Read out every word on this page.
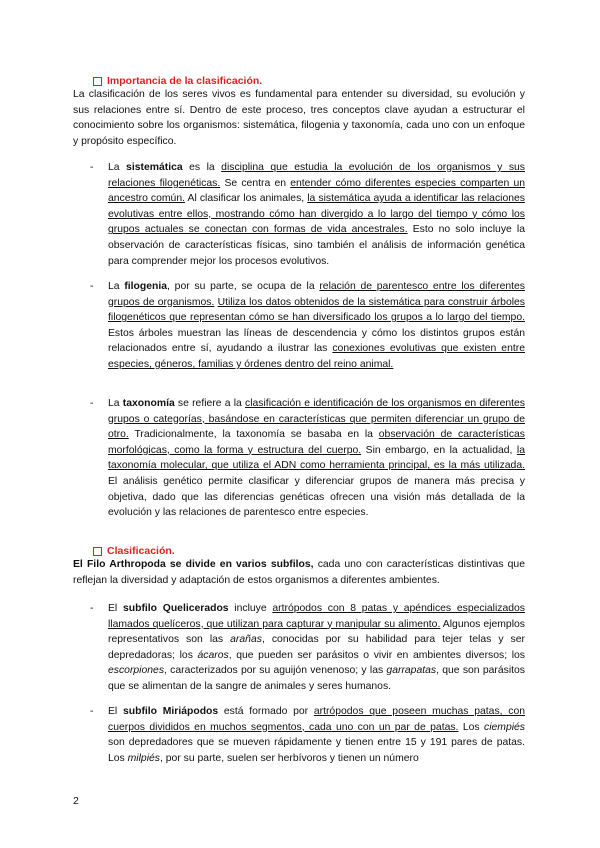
Importancia de la clasificación.
La clasificación de los seres vivos es fundamental para entender su diversidad, su evolución y sus relaciones entre sí. Dentro de este proceso, tres conceptos clave ayudan a estructurar el conocimiento sobre los organismos: sistemática, filogenia y taxonomía, cada uno con un enfoque y propósito específico.
- La sistemática es la disciplina que estudia la evolución de los organismos y sus relaciones filogenéticas. Se centra en entender cómo diferentes especies comparten un ancestro común. Al clasificar los animales, la sistemática ayuda a identificar las relaciones evolutivas entre ellos, mostrando cómo han divergido a lo largo del tiempo y cómo los grupos actuales se conectan con formas de vida ancestrales. Esto no solo incluye la observación de características físicas, sino también el análisis de información genética para comprender mejor los procesos evolutivos.
- La filogenia, por su parte, se ocupa de la relación de parentesco entre los diferentes grupos de organismos. Utiliza los datos obtenidos de la sistemática para construir árboles filogenéticos que representan cómo se han diversificado los grupos a lo largo del tiempo. Estos árboles muestran las líneas de descendencia y cómo los distintos grupos están relacionados entre sí, ayudando a ilustrar las conexiones evolutivas que existen entre especies, géneros, familias y órdenes dentro del reino animal.
- La taxonomía se refiere a la clasificación e identificación de los organismos en diferentes grupos o categorías, basándose en características que permiten diferenciar un grupo de otro. Tradicionalmente, la taxonomía se basaba en la observación de características morfológicas, como la forma y estructura del cuerpo. Sin embargo, en la actualidad, la taxonomía molecular, que utiliza el ADN como herramienta principal, es la más utilizada. El análisis genético permite clasificar y diferenciar grupos de manera más precisa y objetiva, dado que las diferencias genéticas ofrecen una visión más detallada de la evolución y las relaciones de parentesco entre especies.
Clasificación.
El Filo Arthropoda se divide en varios subfilos, cada uno con características distintivas que reflejan la diversidad y adaptación de estos organismos a diferentes ambientes.
- El subfilo Quelicerados incluye artrópodos con 8 patas y apéndices especializados llamados quelíceros, que utilizan para capturar y manipular su alimento. Algunos ejemplos representativos son las arañas, conocidas por su habilidad para tejer telas y ser depredadoras; los ácaros, que pueden ser parásitos o vivir en ambientes diversos; los escorpiones, caracterizados por su aguijón venenoso; y las garrapatas, que son parásitos que se alimentan de la sangre de animales y seres humanos.
- El subfilo Miriápodos está formado por artrópodos que poseen muchas patas, con cuerpos divididos en muchos segmentos, cada uno con un par de patas. Los ciempiés son depredadores que se mueven rápidamente y tienen entre 15 y 191 pares de patas. Los milpiés, por su parte, suelen ser herbívoros y tienen un número
2
